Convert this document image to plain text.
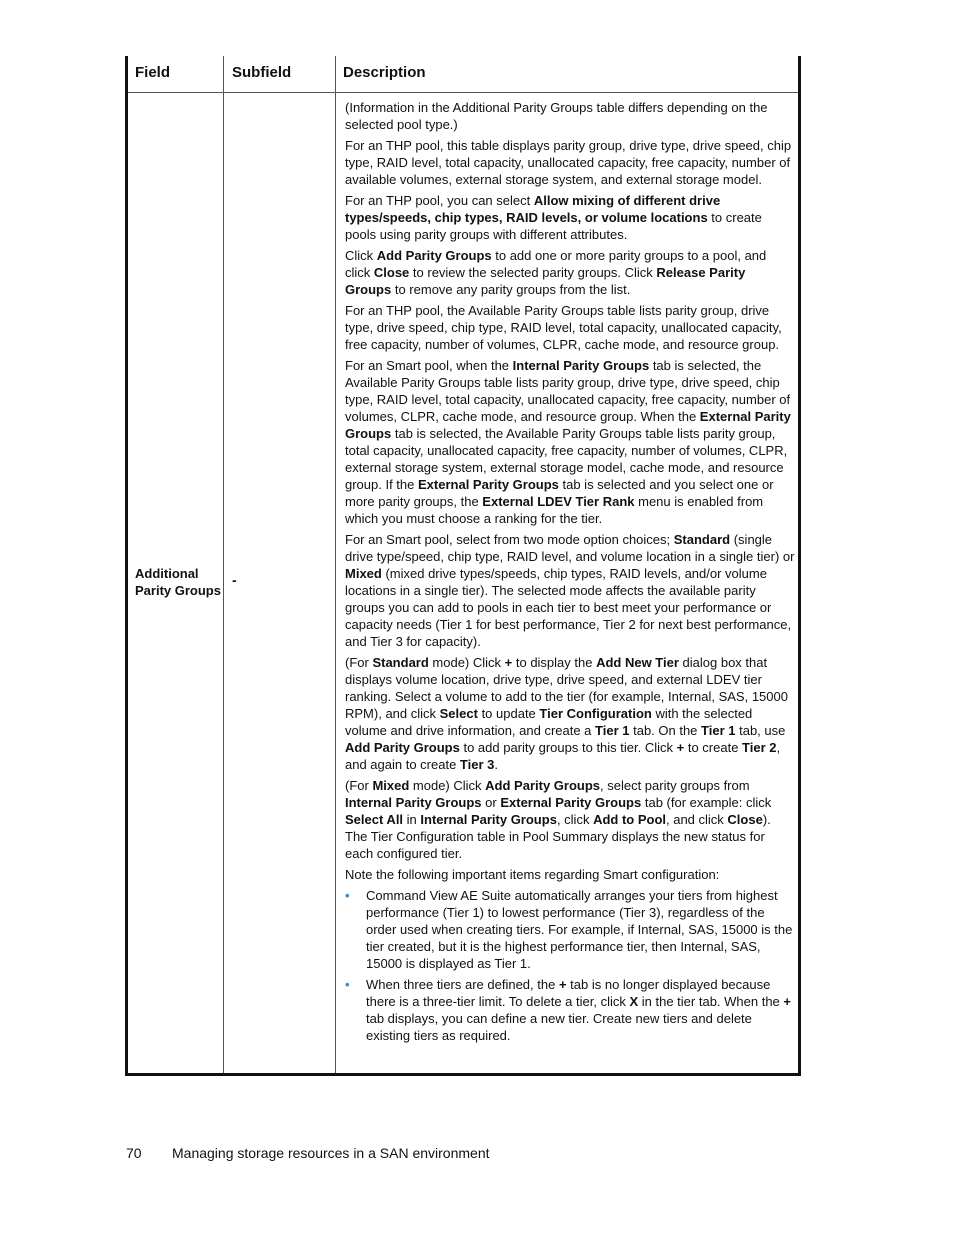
Field	Subfield	Description
Additional Parity Groups
-

(Information in the Additional Parity Groups table differs depending on the selected pool type.)

For an THP pool, this table displays parity group, drive type, drive speed, chip type, RAID level, total capacity, unallocated capacity, free capacity, number of available volumes, external storage system, and external storage model.

For an THP pool, you can select Allow mixing of different drive types/speeds, chip types, RAID levels, or volume locations to create pools using parity groups with different attributes.

Click Add Parity Groups to add one or more parity groups to a pool, and click Close to review the selected parity groups. Click Release Parity Groups to remove any parity groups from the list.

For an THP pool, the Available Parity Groups table lists parity group, drive type, drive speed, chip type, RAID level, total capacity, unallocated capacity, free capacity, number of volumes, CLPR, cache mode, and resource group.

For an Smart pool, when the Internal Parity Groups tab is selected, the Available Parity Groups table lists parity group, drive type, drive speed, chip type, RAID level, total capacity, unallocated capacity, free capacity, number of volumes, CLPR, cache mode, and resource group. When the External Parity Groups tab is selected, the Available Parity Groups table lists parity group, total capacity, unallocated capacity, free capacity, number of volumes, CLPR, external storage system, external storage model, cache mode, and resource group. If the External Parity Groups tab is selected and you select one or more parity groups, the External LDEV Tier Rank menu is enabled from which you must choose a ranking for the tier.

For an Smart pool, select from two mode option choices; Standard (single drive type/speed, chip type, RAID level, and volume location in a single tier) or Mixed (mixed drive types/speeds, chip types, RAID levels, and/or volume locations in a single tier). The selected mode affects the available parity groups you can add to pools in each tier to best meet your performance or capacity needs (Tier 1 for best performance, Tier 2 for next best performance, and Tier 3 for capacity).

(For Standard mode) Click + to display the Add New Tier dialog box that displays volume location, drive type, drive speed, and external LDEV tier ranking. Select a volume to add to the tier (for example, Internal, SAS, 15000 RPM), and click Select to update Tier Configuration with the selected volume and drive information, and create a Tier 1 tab. On the Tier 1 tab, use Add Parity Groups to add parity groups to this tier. Click + to create Tier 2, and again to create Tier 3.

(For Mixed mode) Click Add Parity Groups, select parity groups from Internal Parity Groups or External Parity Groups tab (for example: click Select All in Internal Parity Groups, click Add to Pool, and click Close). The Tier Configuration table in Pool Summary displays the new status for each configured tier.

Note the following important items regarding Smart configuration:

• Command View AE Suite automatically arranges your tiers from highest performance (Tier 1) to lowest performance (Tier 3), regardless of the order used when creating tiers. For example, if Internal, SAS, 15000 is the tier created, but it is the highest performance tier, then Internal, SAS, 15000 is displayed as Tier 1.
• When three tiers are defined, the + tab is no longer displayed because there is a three-tier limit. To delete a tier, click X in the tier tab. When the + tab displays, you can define a new tier. Create new tiers and delete existing tiers as required.
70 Managing storage resources in a SAN environment
